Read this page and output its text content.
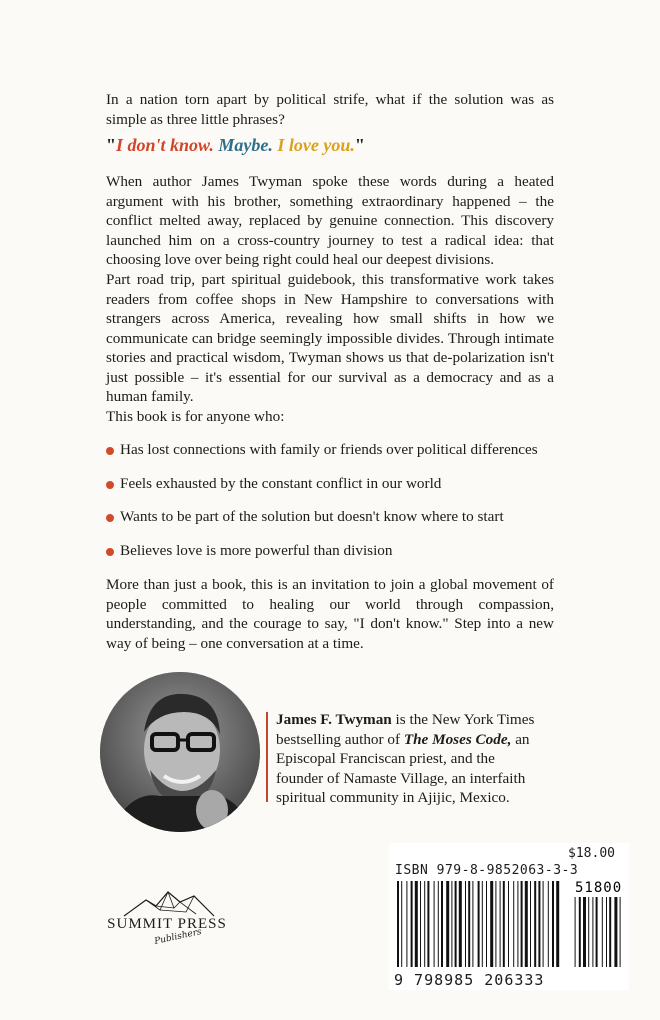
In a nation torn apart by political strife, what if the solution was as simple as three little phrases?
"I don't know. Maybe. I love you."
When author James Twyman spoke these words during a heated argument with his brother, something extraordinary happened – the conflict melted away, replaced by genuine connection. This discovery launched him on a cross-country journey to test a radical idea: that choosing love over being right could heal our deepest divisions.
Part road trip, part spiritual guidebook, this transformative work takes readers from coffee shops in New Hampshire to conversations with strangers across America, revealing how small shifts in how we communicate can bridge seemingly impossible divides. Through intimate stories and practical wisdom, Twyman shows us that de-polarization isn't just possible – it's essential for our survival as a democracy and as a human family.
This book is for anyone who:
Has lost connections with family or friends over political differences
Feels exhausted by the constant conflict in our world
Wants to be part of the solution but doesn't know where to start
Believes love is more powerful than division
More than just a book, this is an invitation to join a global movement of people committed to healing our world through compassion, understanding, and the courage to say, "I don't know." Step into a new way of being – one conversation at a time.
James F. Twyman is the New York Times bestselling author of The Moses Code, an Episcopal Franciscan priest, and the founder of Namaste Village, an interfaith spiritual community in Ajijic, Mexico.
SUMMIT PRESS
Publishers
$18.00
ISBN 979-8-9852063-3-3
51800
9 798985 206333
